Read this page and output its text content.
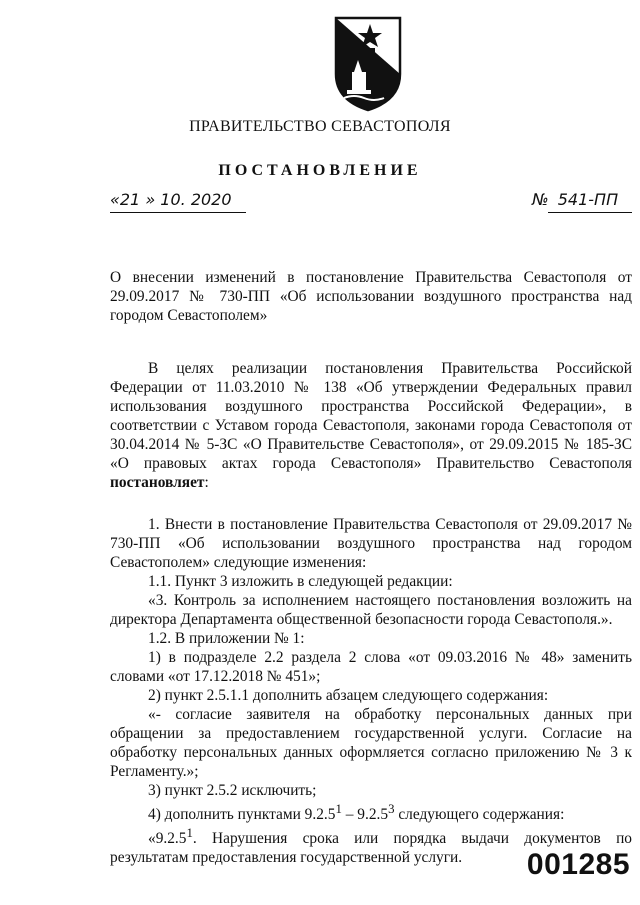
ПРАВИТЕЛЬСТВО СЕВАСТОПОЛЯ
ПОСТАНОВЛЕНИЕ
«21 » 10. 2020	№ 541-ПП
О внесении изменений в постановление Правительства Севастополя от 29.09.2017 № 730-ПП «Об использовании воздушного пространства над городом Севастополем»
В целях реализации постановления Правительства Российской Федерации от 11.03.2010 № 138 «Об утверждении Федеральных правил использования воздушного пространства Российской Федерации», в соответствии с Уставом города Севастополя, законами города Севастополя от 30.04.2014 № 5-ЗС «О Правительстве Севастополя», от 29.09.2015 № 185-ЗС «О правовых актах города Севастополя» Правительство Севастополя постановляет:

1. Внести в постановление Правительства Севастополя от 29.09.2017 № 730-ПП «Об использовании воздушного пространства над городом Севастополем» следующие изменения:

1.1. Пункт 3 изложить в следующей редакции:

«3. Контроль за исполнением настоящего постановления возложить на директора Департамента общественной безопасности города Севастополя.».

1.2. В приложении № 1:

1) в подразделе 2.2 раздела 2 слова «от 09.03.2016 № 48» заменить словами «от 17.12.2018 № 451»;

2) пункт 2.5.1.1 дополнить абзацем следующего содержания:

«- согласие заявителя на обработку персональных данных при обращении за предоставлением государственной услуги. Согласие на обработку персональных данных оформляется согласно приложению № 3 к Регламенту.»;

3) пункт 2.5.2 исключить;

4) дополнить пунктами 9.2.5$^1$ – 9.2.5$^3$ следующего содержания:

«9.2.5$^1$. Нарушения срока или порядка выдачи документов по результатам предоставления государственной услуги.	001285
